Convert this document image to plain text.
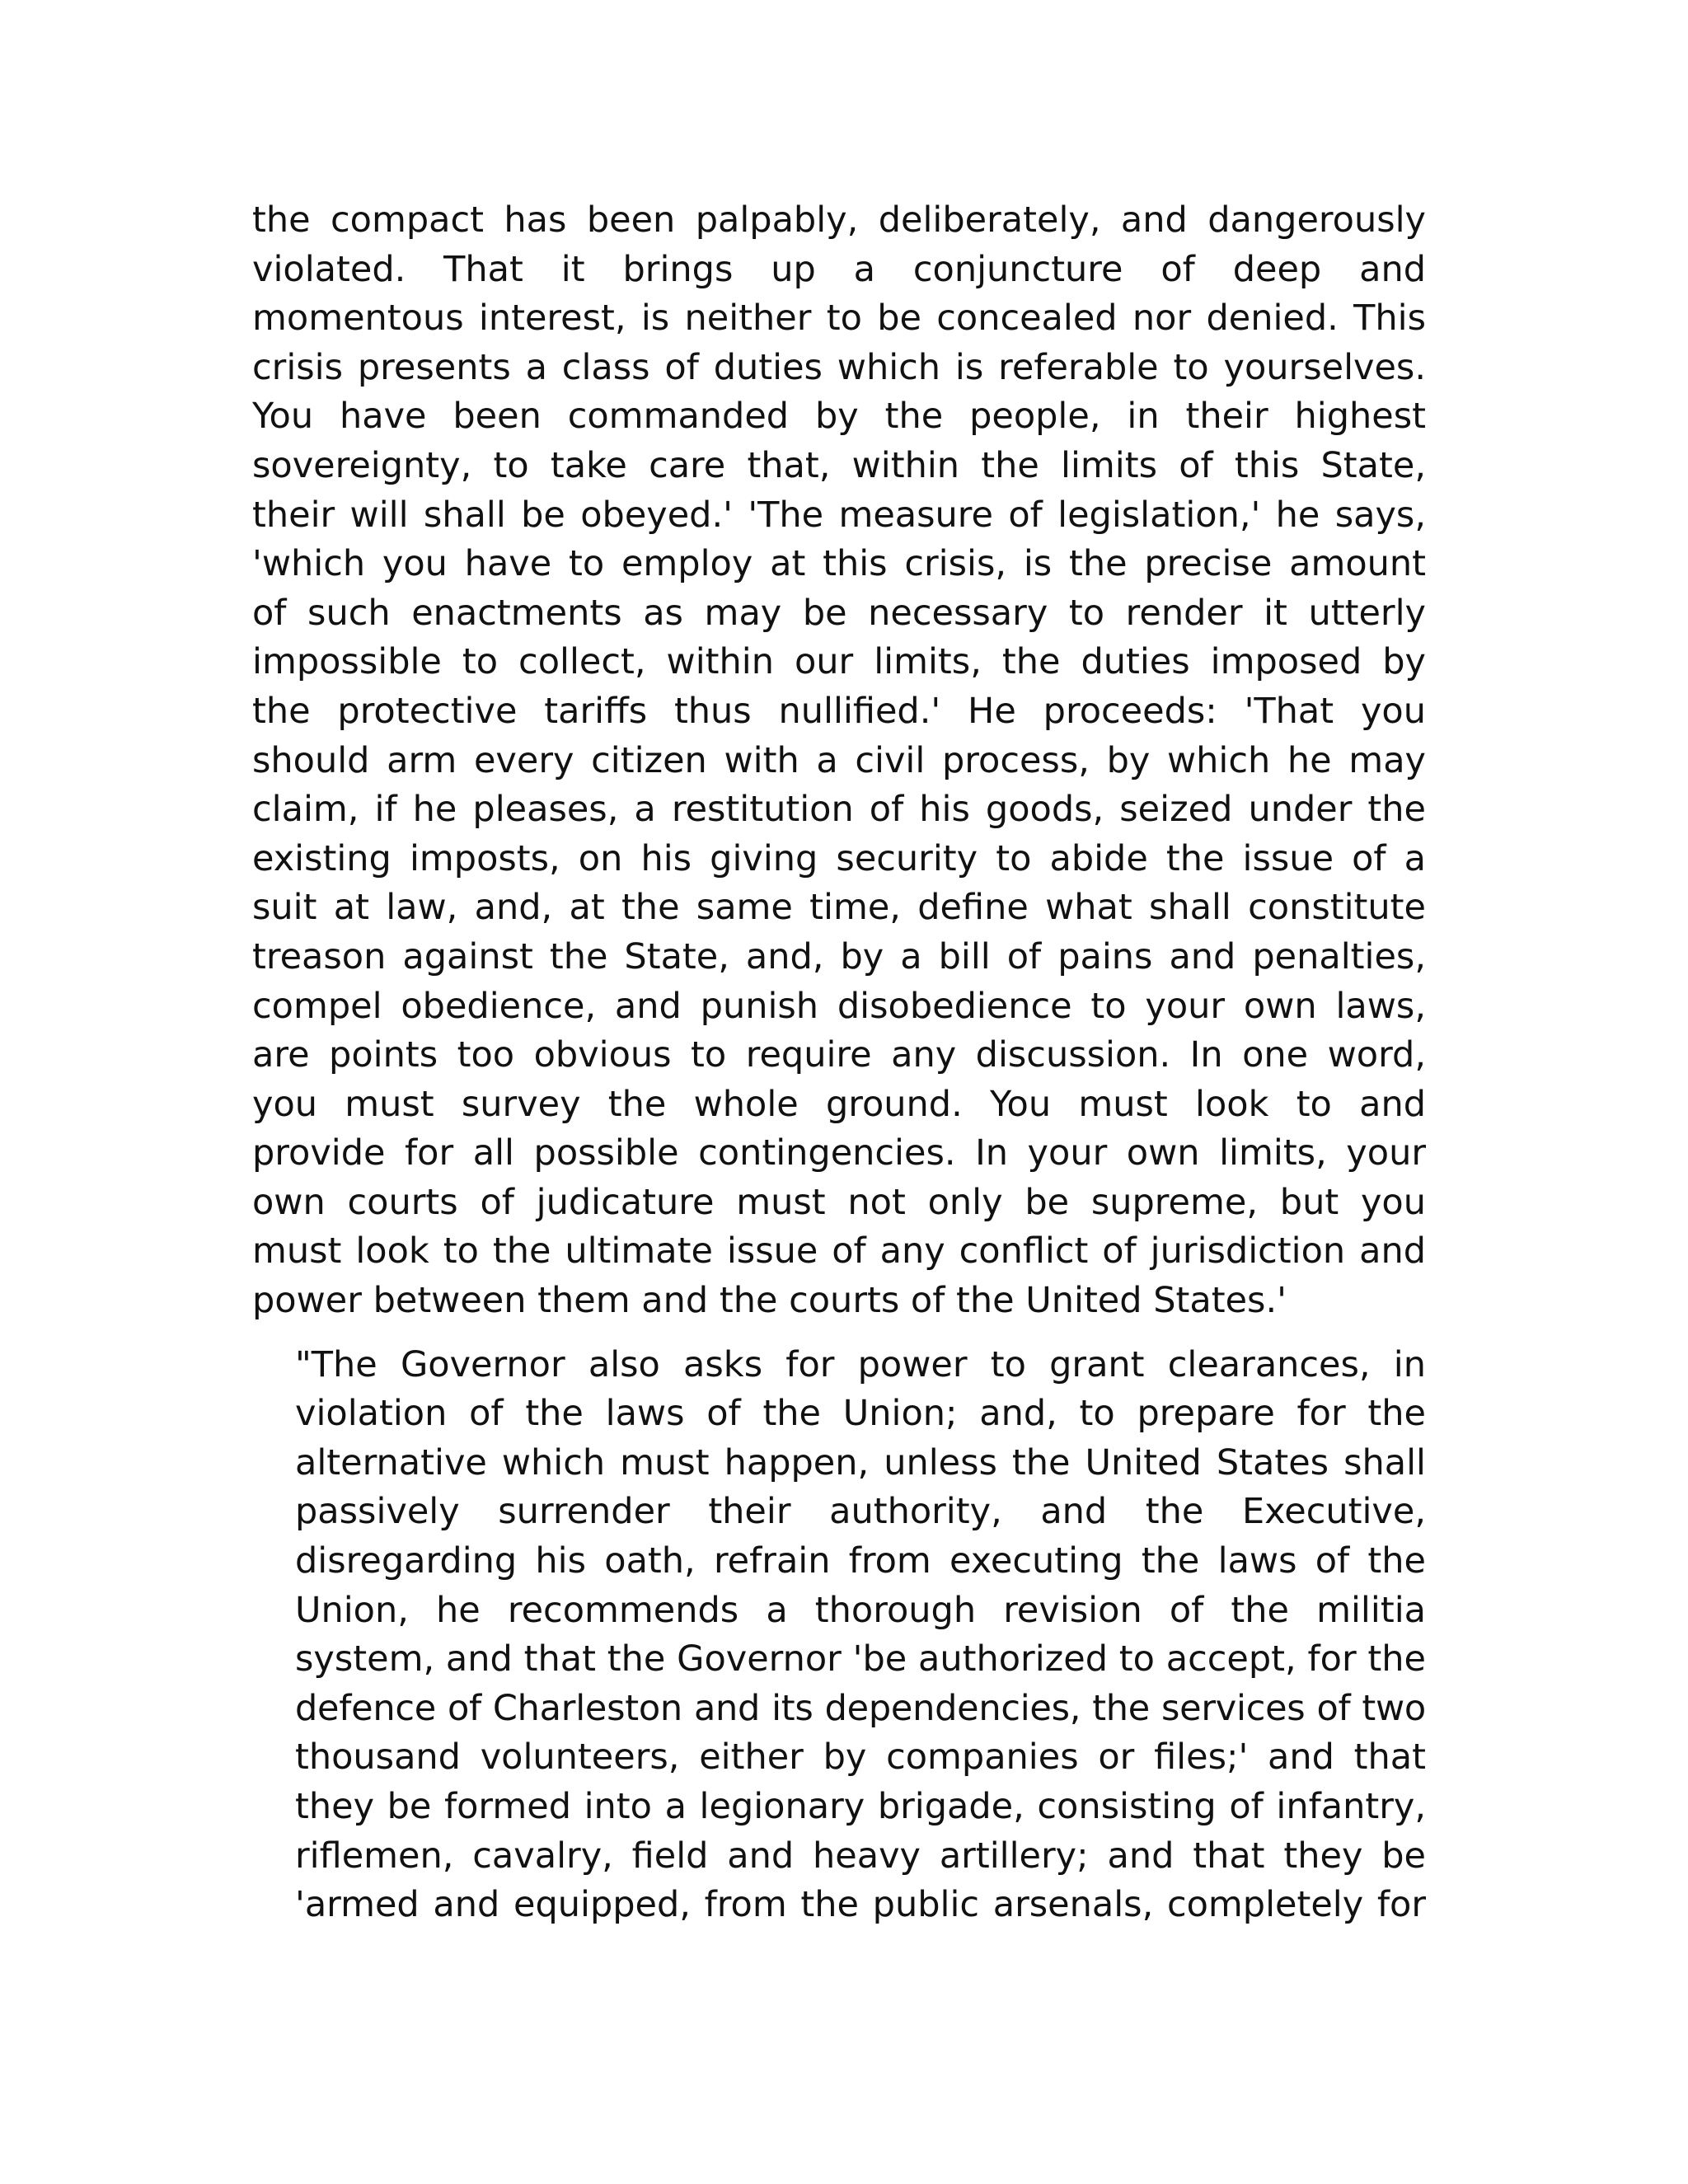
the compact has been palpably, deliberately, and dangerously
violated. That it brings up a conjuncture of deep and
momentous interest, is neither to be concealed nor denied. This
crisis presents a class of duties which is referable to yourselves.
You have been commanded by the people, in their highest
sovereignty, to take care that, within the limits of this State,
their will shall be obeyed.' 'The measure of legislation,' he says,
'which you have to employ at this crisis, is the precise amount
of such enactments as may be necessary to render it utterly
impossible to collect, within our limits, the duties imposed by
the protective tariffs thus nullified.' He proceeds: 'That you
should arm every citizen with a civil process, by which he may
claim, if he pleases, a restitution of his goods, seized under the
existing imposts, on his giving security to abide the issue of a
suit at law, and, at the same time, define what shall constitute
treason against the State, and, by a bill of pains and penalties,
compel obedience, and punish disobedience to your own laws,
are points too obvious to require any discussion. In one word,
you must survey the whole ground. You must look to and
provide for all possible contingencies. In your own limits, your
own courts of judicature must not only be supreme, but you
must look to the ultimate issue of any conflict of jurisdiction and
power between them and the courts of the United States.'

"The Governor also asks for power to grant clearances, in
violation of the laws of the Union; and, to prepare for the
alternative which must happen, unless the United States shall
passively surrender their authority, and the Executive,
disregarding his oath, refrain from executing the laws of the
Union, he recommends a thorough revision of the militia
system, and that the Governor 'be authorized to accept, for the
defence of Charleston and its dependencies, the services of two
thousand volunteers, either by companies or files;' and that
they be formed into a legionary brigade, consisting of infantry,
riflemen, cavalry, field and heavy artillery; and that they be
'armed and equipped, from the public arsenals, completely for
